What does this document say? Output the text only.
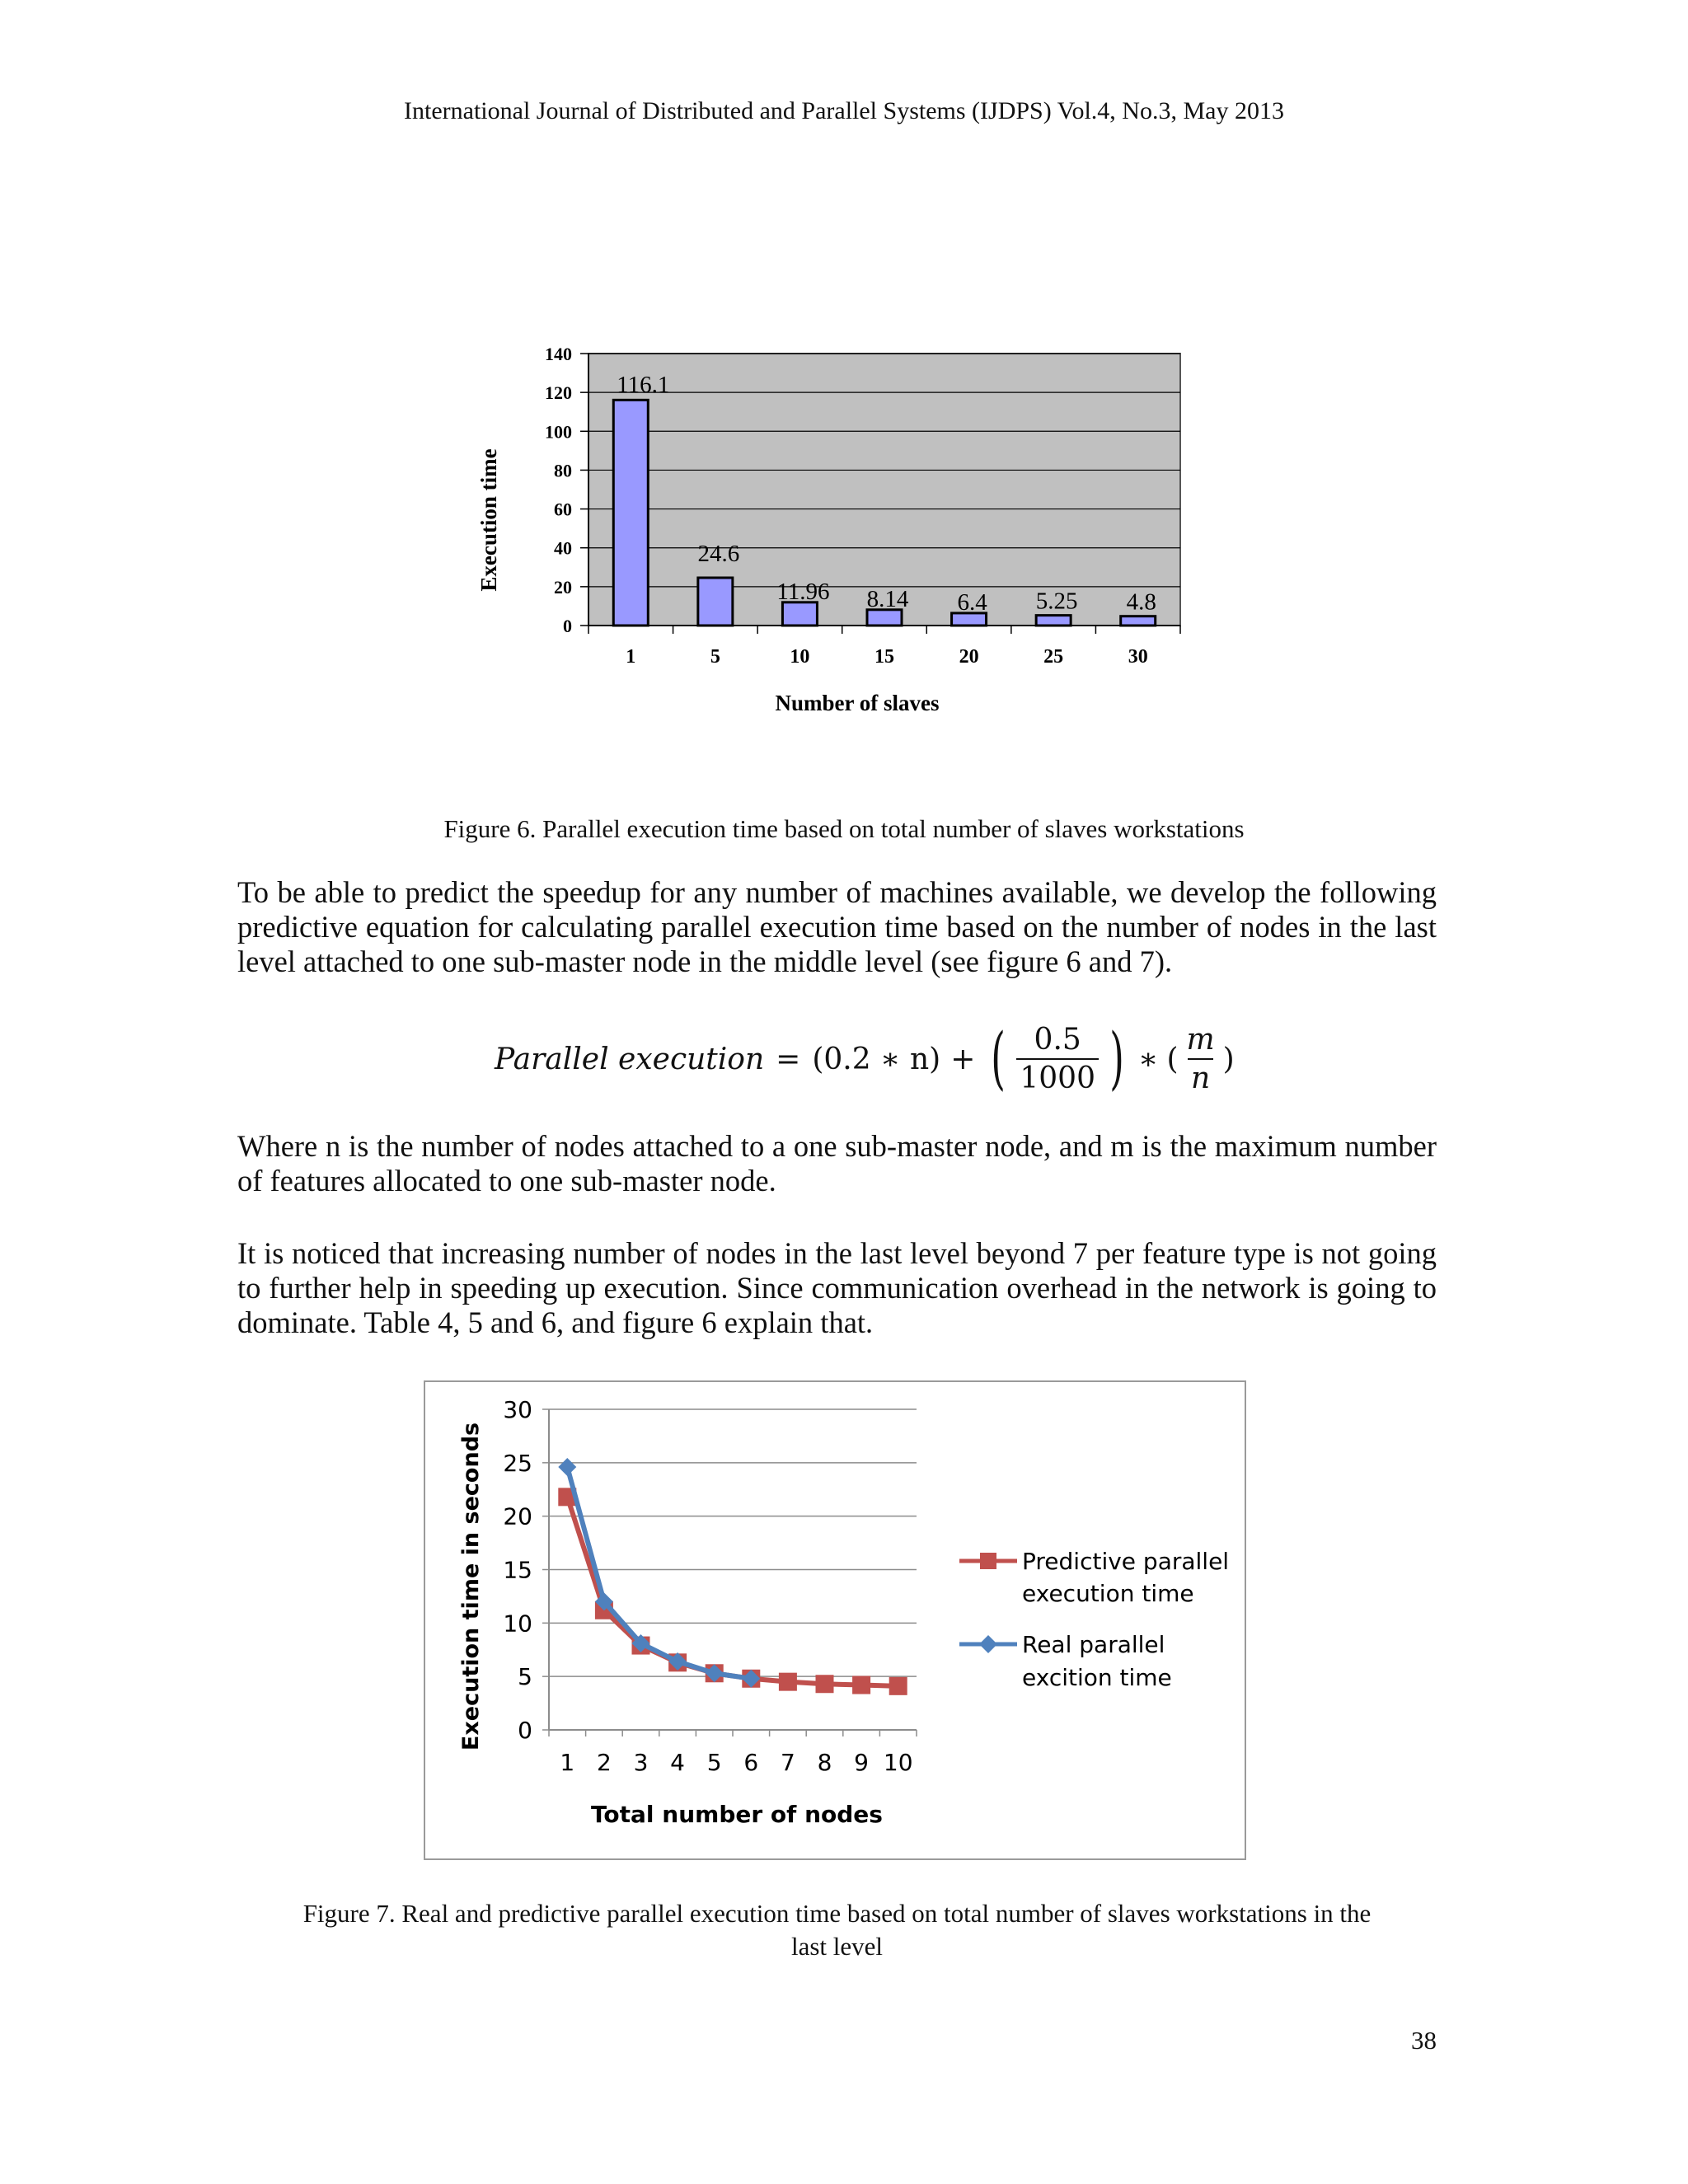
International Journal of Distributed and Parallel Systems (IJDPS) Vol.4, No.3, May 2013
0
20
40
60
80
100
120
140
1
116.1
5
24.6
10
11.96
15
8.14
20
6.4
25
5.25
30
4.8
Execution time
Number of slaves
Figure 6. Parallel execution time based on total number of slaves workstations
To be able to predict the speedup for any number of machines available, we develop the following predictive equation for calculating parallel execution time based on the number of nodes in the last level attached to one sub-master node in the middle level (see figure 6 and 7).
Parallel execution = (0.2 ∗ n) + ( $\frac{0.5}{1000}$ ) ∗ ( $\frac{m}{n}$ )
Where n is the number of nodes attached to a one sub-master node, and m is the maximum number of features allocated to one sub-master node.
It is noticed that increasing number of nodes in the last level beyond 7 per feature type is not going to further help in speeding up execution. Since communication overhead in the network is going to dominate. Table 4, 5 and 6, and figure 6 explain that.
0
5
10
15
20
25
30
1 2 3 4 5 6 7 8 9 10
Execution time in seconds
Total number of nodes
Predictive parallel
execution time
Real parallel
excition time
Figure 7. Real and predictive parallel execution time based on total number of slaves workstations in the
last level
38
